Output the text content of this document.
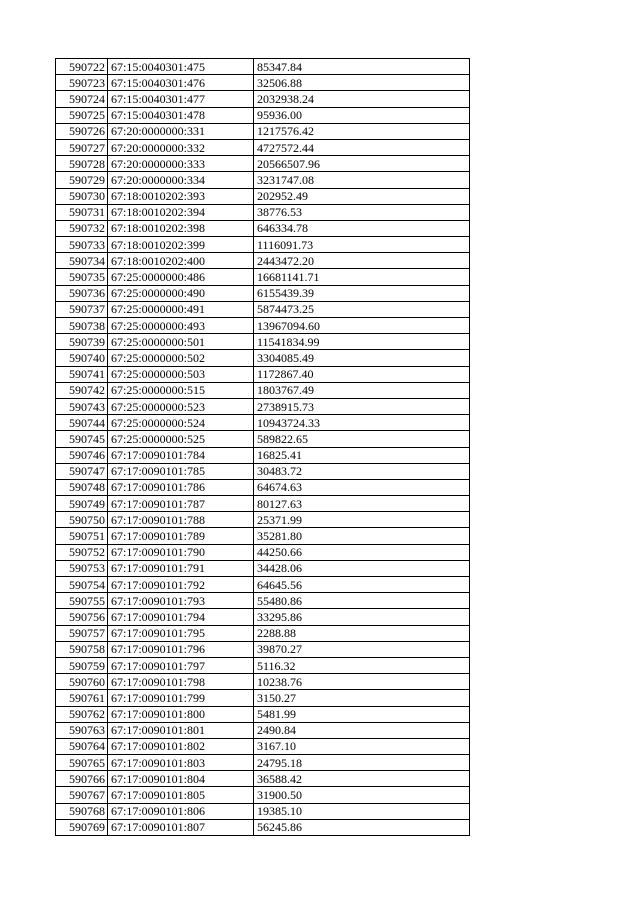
590722	67:15:0040301:475	85347.84
590723	67:15:0040301:476	32506.88
590724	67:15:0040301:477	2032938.24
590725	67:15:0040301:478	95936.00
590726	67:20:0000000:331	1217576.42
590727	67:20:0000000:332	4727572.44
590728	67:20:0000000:333	20566507.96
590729	67:20:0000000:334	3231747.08
590730	67:18:0010202:393	202952.49
590731	67:18:0010202:394	38776.53
590732	67:18:0010202:398	646334.78
590733	67:18:0010202:399	1116091.73
590734	67:18:0010202:400	2443472.20
590735	67:25:0000000:486	16681141.71
590736	67:25:0000000:490	6155439.39
590737	67:25:0000000:491	5874473.25
590738	67:25:0000000:493	13967094.60
590739	67:25:0000000:501	11541834.99
590740	67:25:0000000:502	3304085.49
590741	67:25:0000000:503	1172867.40
590742	67:25:0000000:515	1803767.49
590743	67:25:0000000:523	2738915.73
590744	67:25:0000000:524	10943724.33
590745	67:25:0000000:525	589822.65
590746	67:17:0090101:784	16825.41
590747	67:17:0090101:785	30483.72
590748	67:17:0090101:786	64674.63
590749	67:17:0090101:787	80127.63
590750	67:17:0090101:788	25371.99
590751	67:17:0090101:789	35281.80
590752	67:17:0090101:790	44250.66
590753	67:17:0090101:791	34428.06
590754	67:17:0090101:792	64645.56
590755	67:17:0090101:793	55480.86
590756	67:17:0090101:794	33295.86
590757	67:17:0090101:795	2288.88
590758	67:17:0090101:796	39870.27
590759	67:17:0090101:797	5116.32
590760	67:17:0090101:798	10238.76
590761	67:17:0090101:799	3150.27
590762	67:17:0090101:800	5481.99
590763	67:17:0090101:801	2490.84
590764	67:17:0090101:802	3167.10
590765	67:17:0090101:803	24795.18
590766	67:17:0090101:804	36588.42
590767	67:17:0090101:805	31900.50
590768	67:17:0090101:806	19385.10
590769	67:17:0090101:807	56245.86
